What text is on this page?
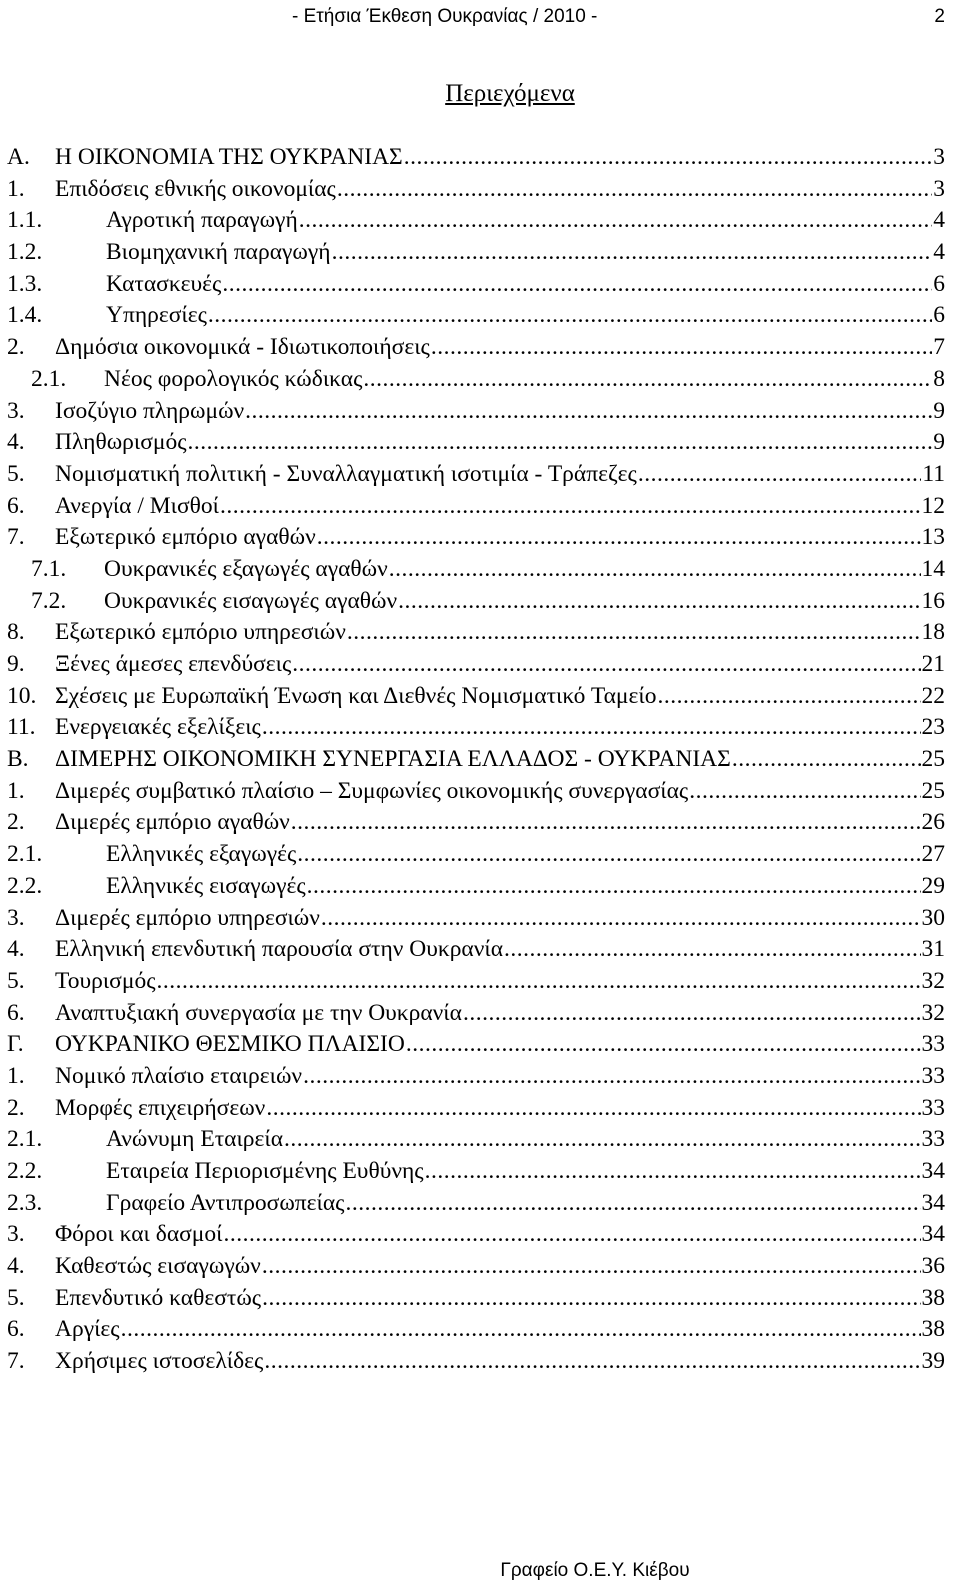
- Ετήσια Έκθεση Ουκρανίας / 2010 -	2
Περιεχόμενα
Α.	Η ΟΙΚΟΝΟΜΙΑ ΤΗΣ ΟΥΚΡΑΝΙΑΣ .....	3
1.	Επιδόσεις εθνικής οικονομίας .....	3
1.1.	Αγροτική παραγωγή .....	4
1.2.	Βιομηχανική παραγωγή .....	4
1.3.	Κατασκευές .....	6
1.4.	Υπηρεσίες .....	6
2.	Δημόσια οικονομικά - Ιδιωτικοποιήσεις .....	7
2.1.	Νέος φορολογικός κώδικας .....	8
3.	Ισοζύγιο πληρωμών .....	9
4.	Πληθωρισμός .....	9
5.	Νομισματική πολιτική - Συναλλαγματική ισοτιμία - Τράπεζες .....	11
6.	Ανεργία / Μισθοί .....	12
7.	Εξωτερικό εμπόριο αγαθών .....	13
7.1.	Ουκρανικές εξαγωγές αγαθών .....	14
7.2.	Ουκρανικές εισαγωγές αγαθών .....	16
8.	Εξωτερικό εμπόριο υπηρεσιών .....	18
9.	Ξένες άμεσες επενδύσεις .....	21
10. Σχέσεις με Ευρωπαϊκή Ένωση και Διεθνές Νομισματικό Ταμείο .....	22
11. Ενεργειακές εξελίξεις .....	23
Β.	ΔΙΜΕΡΗΣ ΟΙΚΟΝΟΜΙΚΗ ΣΥΝΕΡΓΑΣΙΑ ΕΛΛΑΔΟΣ - ΟΥΚΡΑΝΙΑΣ .....	25
1.	Διμερές συμβατικό πλαίσιο – Συμφωνίες οικονομικής συνεργασίας .....	25
2.	Διμερές εμπόριο αγαθών .....	26
2.1.	Ελληνικές εξαγωγές .....	27
2.2.	Ελληνικές εισαγωγές .....	29
3.	Διμερές εμπόριο υπηρεσιών .....	30
4.	Ελληνική επενδυτική παρουσία στην Ουκρανία .....	31
5.	Τουρισμός .....	32
6.	Αναπτυξιακή συνεργασία με την Ουκρανία .....	32
Γ.	ΟΥΚΡΑΝΙΚΟ ΘΕΣΜΙΚΟ ΠΛΑΙΣΙΟ .....	33
1.	Νομικό πλαίσιο εταιρειών .....	33
2.	Μορφές επιχειρήσεων .....	33
2.1.	Ανώνυμη Εταιρεία .....	33
2.2.	Εταιρεία Περιορισμένης Ευθύνης .....	34
2.3.	Γραφείο Αντιπροσωπείας .....	34
3.	Φόροι και δασμοί .....	34
4.	Καθεστώς εισαγωγών .....	36
5.	Επενδυτικό καθεστώς .....	38
6.	Αργίες .....	38
7.	Χρήσιμες ιστοσελίδες .....	39
Γραφείο Ο.Ε.Υ. Κιέβου
